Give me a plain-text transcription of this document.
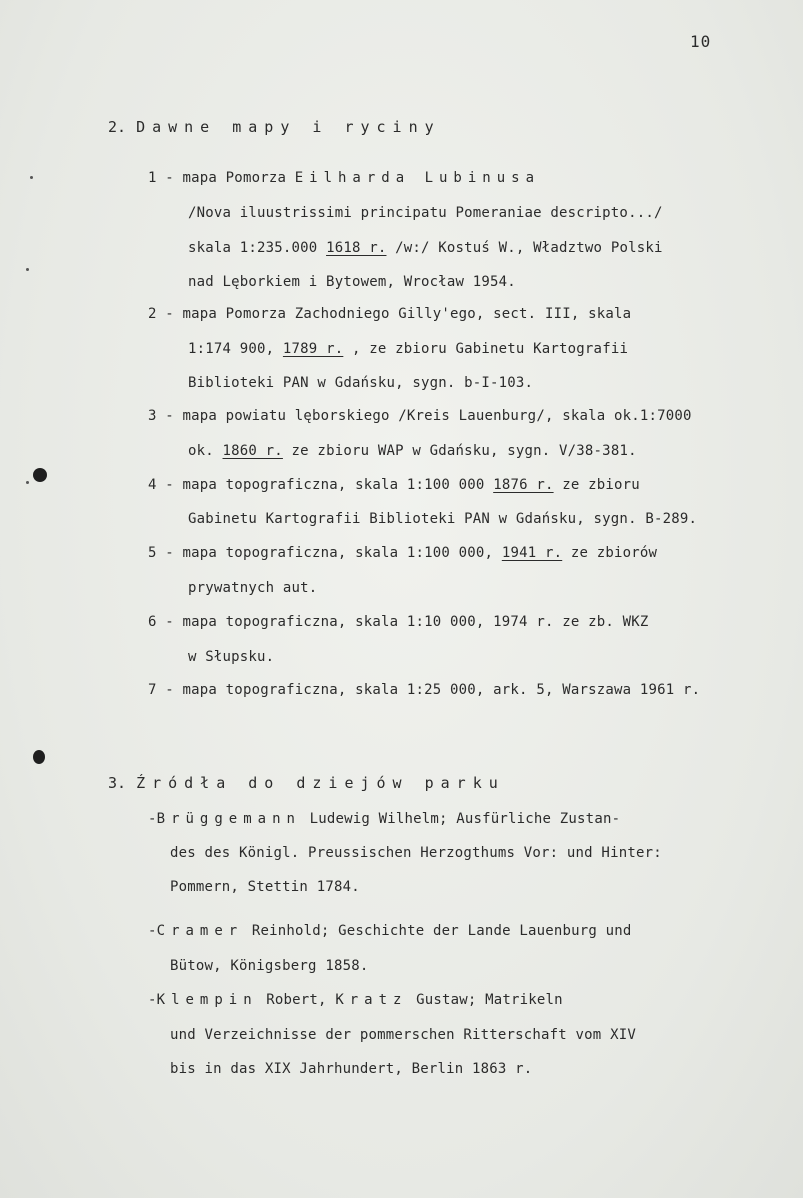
10
2. Dawne mapy i ryciny
1 - mapa Pomorza Eilharda Lubinusa
/Nova iluustrissimi principatu Pomeraniae descripto.../
skala 1:235.000 1618 r. /w:/ Kostuś W., Władztwo Polski
nad Lęborkiem i Bytowem, Wrocław 1954.
2 - mapa Pomorza Zachodniego Gilly'ego, sect. III, skala
1:174 900, 1789 r. , ze zbioru Gabinetu Kartografii
Biblioteki PAN w Gdańsku, sygn. b-I-103.
3 - mapa powiatu lęborskiego /Kreis Lauenburg/, skala ok.1:7000
ok. 1860 r. ze zbioru WAP w Gdańsku, sygn. V/38-381.
4 - mapa topograficzna, skala 1:100 000 1876 r. ze zbioru
Gabinetu Kartografii Biblioteki PAN w Gdańsku, sygn. B-289.
5 - mapa topograficzna, skala 1:100 000, 1941 r. ze zbiorów
prywatnych aut.
6 - mapa topograficzna, skala 1:10 000, 1974 r. ze zb. WKZ
w Słupsku.
7 - mapa topograficzna, skala 1:25 000, ark. 5, Warszawa 1961 r.
3. Źródła do dziejów parku
-Brüggemann Ludewig Wilhelm; Ausfürliche Zustan-
des des Königl. Preussischen Herzogthums Vor: und Hinter:
Pommern, Stettin 1784.
-Cramer Reinhold; Geschichte der Lande Lauenburg und
Bütow, Königsberg 1858.
-Klempin Robert, Kratz Gustaw; Matrikeln
und Verzeichnisse der pommerschen Ritterschaft vom XIV
bis in das XIX Jahrhundert, Berlin 1863 r.
